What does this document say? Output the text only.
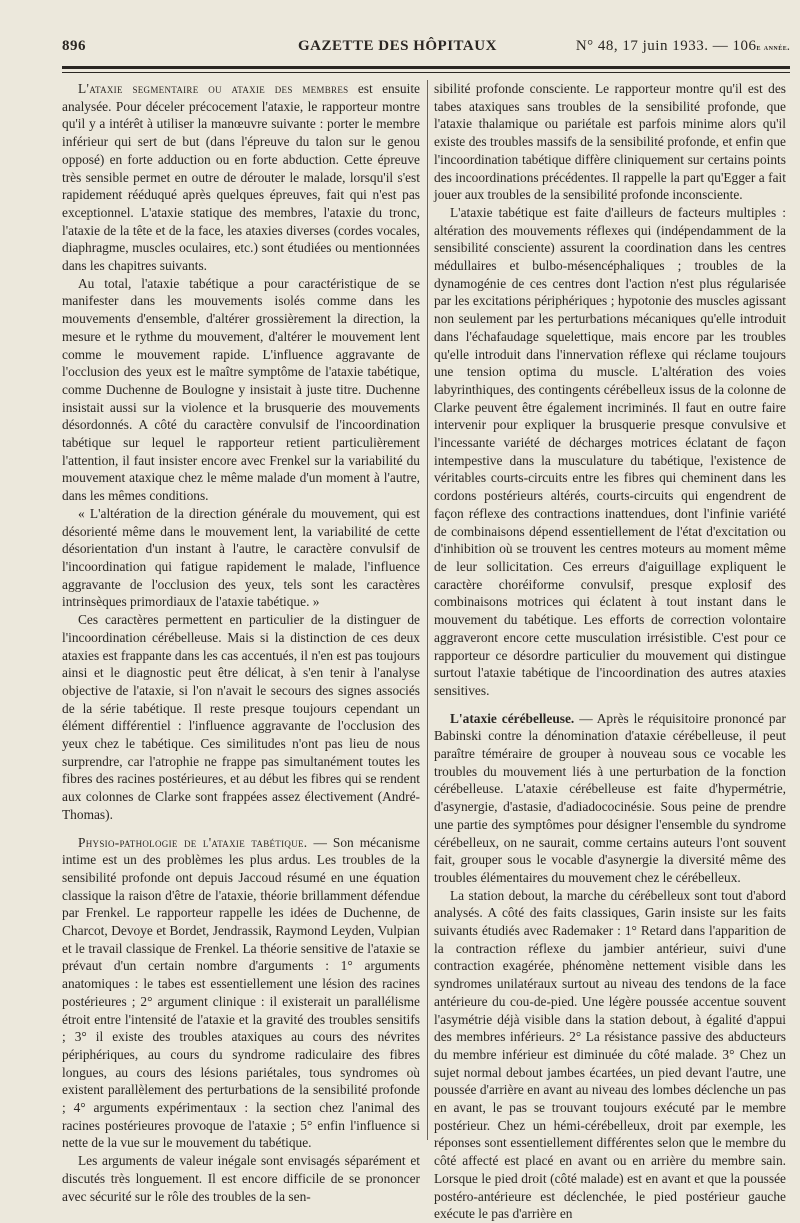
896	GAZETTE DES HÔPITAUX	N° 48, 17 juin 1933. — 106e année.

L'ataxie segmentaire ou ataxie des membres est ensuite analysée. Pour déceler précocement l'ataxie, le rapporteur montre qu'il y a intérêt à utiliser la manœuvre suivante : porter le membre inférieur qui sert de but (dans l'épreuve du talon sur le genou opposé) en forte adduction ou en forte abduction. Cette épreuve très sensible permet en outre de dérouter le malade, lorsqu'il s'est rapidement rééduqué après quelques épreuves, fait qui n'est pas exceptionnel. L'ataxie statique des membres, l'ataxie du tronc, l'ataxie de la tête et de la face, les ataxies diverses (cordes vocales, diaphragme, muscles oculaires, etc.) sont étudiées ou mentionnées dans les chapitres suivants.

Au total, l'ataxie tabétique a pour caractéristique de se manifester dans les mouvements isolés comme dans les mouvements d'ensemble, d'altérer grossièrement la direction, la mesure et le rythme du mouvement, d'altérer le mouvement lent comme le mouvement rapide. L'influence aggravante de l'occlusion des yeux est le maître symptôme de l'ataxie tabétique, comme Duchenne de Boulogne y insistait à juste titre. Duchenne insistait aussi sur la violence et la brusquerie des mouvements désordonnés. A côté du caractère convulsif de l'incoordination tabétique sur lequel le rapporteur retient particulièrement l'attention, il faut insister encore avec Frenkel sur la variabilité du mouvement ataxique chez le même malade d'un moment à l'autre, dans les mêmes conditions.

« L'altération de la direction générale du mouvement, qui est désorienté même dans le mouvement lent, la variabilité de cette désorientation d'un instant à l'autre, le caractère convulsif de l'incoordination qui fatigue rapidement le malade, l'influence aggravante de l'occlusion des yeux, tels sont les caractères intrinsèques primordiaux de l'ataxie tabétique. »

Ces caractères permettent en particulier de la distinguer de l'incoordination cérébelleuse. Mais si la distinction de ces deux ataxies est frappante dans les cas accentués, il n'en est pas toujours ainsi et le diagnostic peut être délicat, à s'en tenir à l'analyse objective de l'ataxie, si l'on n'avait le secours des signes associés de la série tabétique. Il reste presque toujours cependant un élément différentiel : l'influence aggravante de l'occlusion des yeux chez le tabétique. Ces similitudes n'ont pas lieu de nous surprendre, car l'atrophie ne frappe pas simultanément toutes les fibres des racines postérieures, et au début les fibres qui se rendent aux colonnes de Clarke sont frappées assez électivement (André-Thomas).

Physio-pathologie de l'ataxie tabétique. — Son mécanisme intime est un des problèmes les plus ardus. Les troubles de la sensibilité profonde ont depuis Jaccoud résumé en une équation classique la raison d'être de l'ataxie, théorie brillamment défendue par Frenkel. Le rapporteur rappelle les idées de Duchenne, de Charcot, Devoye et Bordet, Jendrassik, Raymond Leyden, Vulpian et le travail classique de Frenkel. La théorie sensitive de l'ataxie se prévaut d'un certain nombre d'arguments : 1° arguments anatomiques : le tabes est essentiellement une lésion des racines postérieures ; 2° argument clinique : il existerait un parallélisme étroit entre l'intensité de l'ataxie et la gravité des troubles sensitifs ; 3° il existe des troubles ataxiques au cours des névrites périphériques, au cours du syndrome radiculaire des fibres longues, au cours des lésions pariétales, tous syndromes où existent parallèlement des perturbations de la sensibilité profonde ; 4° arguments expérimentaux : la section chez l'animal des racines postérieures provoque de l'ataxie ; 5° enfin l'influence si nette de la vue sur le mouvement du tabétique.

Les arguments de valeur inégale sont envisagés séparément et discutés très longuement. Il est encore difficile de se prononcer avec sécurité sur le rôle des troubles de la sen-

sibilité profonde consciente. Le rapporteur montre qu'il est des tabes ataxiques sans troubles de la sensibilité profonde, que l'ataxie thalamique ou pariétale est parfois minime alors qu'il existe des troubles massifs de la sensibilité profonde, et enfin que l'incoordination tabétique diffère cliniquement sur certains points des incoordinations précédentes. Il rappelle la part qu'Egger a fait jouer aux troubles de la sensibilité profonde inconsciente.

L'ataxie tabétique est faite d'ailleurs de facteurs multiples : altération des mouvements réflexes qui (indépendamment de la sensibilité consciente) assurent la coordination dans les centres médullaires et bulbo-mésencéphaliques ; troubles de la dynamogénie de ces centres dont l'action n'est plus régularisée par les excitations périphériques ; hypotonie des muscles agissant non seulement par les perturbations mécaniques qu'elle introduit dans l'échafaudage squelettique, mais encore par les troubles qu'elle introduit dans l'innervation réflexe qui réclame toujours une tension optima du muscle. L'altération des voies labyrinthiques, des contingents cérébelleux issus de la colonne de Clarke peuvent être également incriminés. Il faut en outre faire intervenir pour expliquer la brusquerie presque convulsive et l'incessante variété de décharges motrices éclatant de façon intempestive dans la musculature du tabétique, l'existence de véritables courts-circuits entre les fibres qui cheminent dans les cordons postérieurs altérés, courts-circuits qui engendrent de façon réflexe des contractions inattendues, dont l'infinie variété de combinaisons dépend essentiellement de l'état d'excitation ou d'inhibition où se trouvent les centres moteurs au moment même de leur sollicitation. Ces erreurs d'aiguillage expliquent le caractère choréiforme convulsif, presque explosif des combinaisons motrices qui éclatent à tout instant dans le mouvement du tabétique. Les efforts de correction volontaire aggraveront encore cette musculation irrésistible. C'est pour ce rapporteur ce désordre particulier du mouvement qui distingue surtout l'ataxie tabétique de l'incoordination des autres ataxies sensitives.

L'ataxie cérébelleuse. — Après le réquisitoire prononcé par Babinski contre la dénomination d'ataxie cérébelleuse, il peut paraître téméraire de grouper à nouveau sous ce vocable les troubles du mouvement liés à une perturbation de la fonction cérébelleuse. L'ataxie cérébelleuse est faite d'hypermétrie, d'asynergie, d'astasie, d'adiadococinésie. Sous peine de prendre une partie des symptômes pour désigner l'ensemble du syndrome cérébelleux, on ne saurait, comme certains auteurs l'ont souvent fait, grouper sous le vocable d'asynergie la diversité même des troubles élémentaires du mouvement chez le cérébelleux.

La station debout, la marche du cérébelleux sont tout d'abord analysés. A côté des faits classiques, Garin insiste sur les faits suivants étudiés avec Rademaker : 1° Retard dans l'apparition de la contraction réflexe du jambier antérieur, suivi d'une contraction exagérée, phénomène nettement visible dans les syndromes unilatéraux surtout au niveau des tendons de la face antérieure du cou-de-pied. Une légère poussée accentue souvent l'asymétrie déjà visible dans la station debout, à égalité d'appui des membres inférieurs. 2° La résistance passive des abducteurs du membre inférieur est diminuée du côté malade. 3° Chez un sujet normal debout jambes écartées, un pied devant l'autre, une poussée d'arrière en avant au niveau des lombes déclenche un pas en avant, le pas se trouvant toujours exécuté par le membre postérieur. Chez un hémi-cérébelleux, droit par exemple, les réponses sont essentiellement différentes selon que le membre du côté affecté est placé en avant ou en arrière du membre sain. Lorsque le pied droit (côté malade) est en avant et que la poussée postéro-antérieure est déclenchée, le pied postérieur gauche exécute le pas d'arrière en
